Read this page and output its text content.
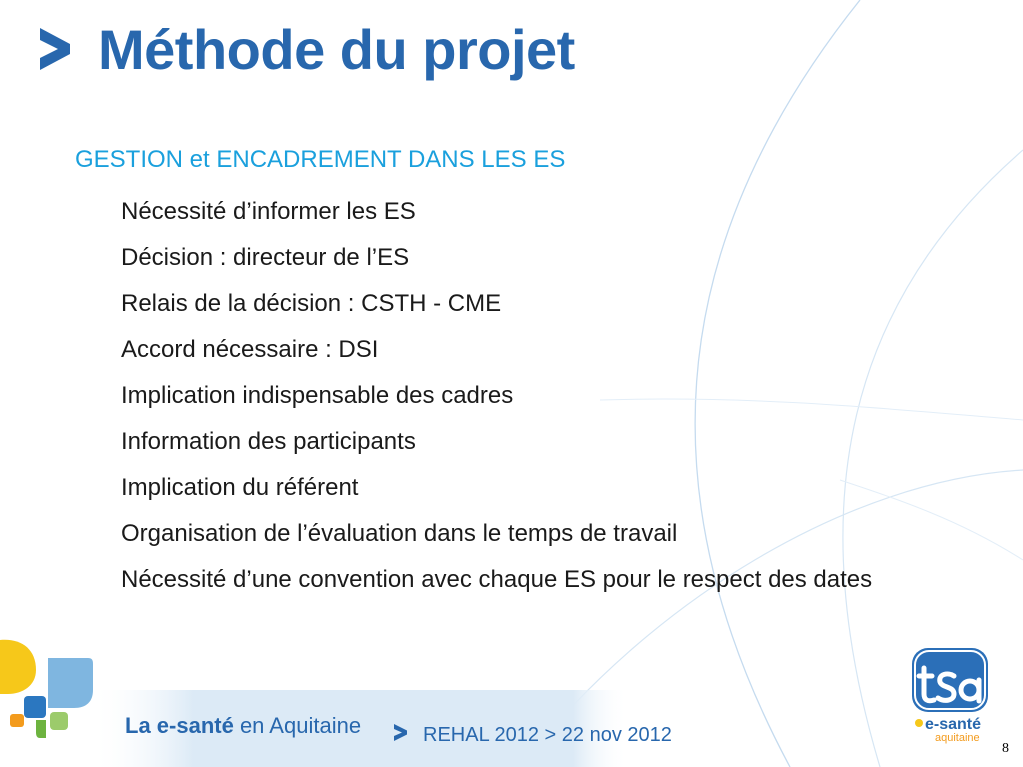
Méthode du projet
GESTION et ENCADREMENT DANS LES ES
Nécessité d’informer les ES
Décision : directeur de l’ES
Relais de la décision : CSTH - CME
Accord nécessaire : DSI
Implication indispensable des cadres
Information des participants
Implication du référent
Organisation de l’évaluation dans le temps de travail
Nécessité d’une convention avec chaque ES pour le respect des dates
La e-santé en Aquitaine	REHAL 2012 > 22 nov 2012	e-santé
aquitaine
8
